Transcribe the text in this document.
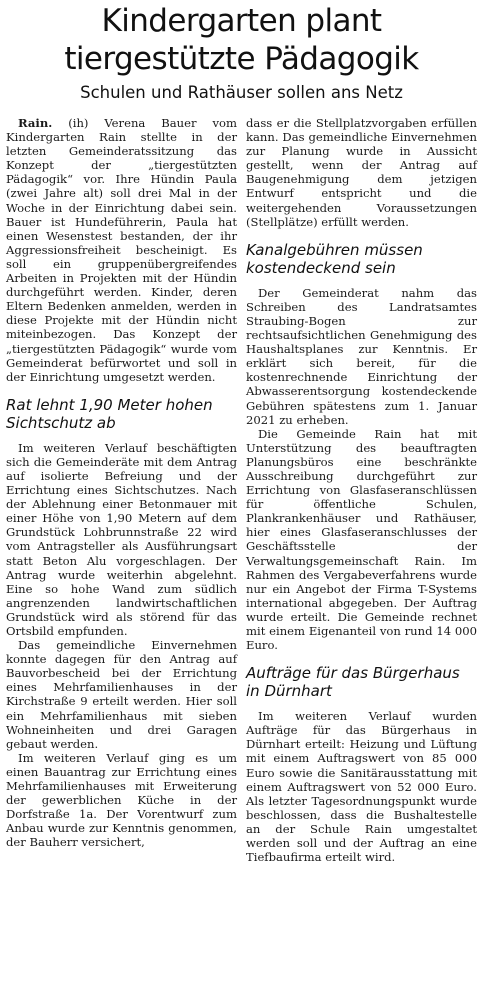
Kindergarten plant
tiergestützte Pädagogik
Schulen und Rathäuser sollen ans Netz

Rain. (ih) Verena Bauer vom Kindergarten Rain stellte in der letzten Gemeinderatssitzung das Konzept der „tiergestützten Pädagogik“ vor. Ihre Hündin Paula (zwei Jahre alt) soll drei Mal in der Woche in der Einrichtung dabei sein. Bauer ist Hundeführerin, Paula hat einen Wesenstest bestanden, der ihr Aggressionsfreiheit bescheinigt. Es soll ein gruppenübergreifendes Arbeiten in Projekten mit der Hündin durchgeführt werden. Kinder, deren Eltern Bedenken anmelden, werden in diese Projekte mit der Hündin nicht miteinbezogen. Das Konzept der „tiergestützten Pädagogik“ wurde vom Gemeinderat befürwortet und soll in der Einrichtung umgesetzt werden.

Rat lehnt 1,90 Meter hohen Sichtschutz ab

Im weiteren Verlauf beschäftigten sich die Gemeinderäte mit dem Antrag auf isolierte Befreiung und der Errichtung eines Sichtschutzes. Nach der Ablehnung einer Betonmauer mit einer Höhe von 1,90 Metern auf dem Grundstück Lohbrunnstraße 22 wird vom Antragsteller als Ausführungsart statt Beton Alu vorgeschlagen. Der Antrag wurde weiterhin abgelehnt. Eine so hohe Wand zum südlich angrenzenden landwirtschaftlichen Grundstück wird als störend für das Ortsbild empfunden.

Das gemeindliche Einvernehmen konnte dagegen für den Antrag auf Bauvorbescheid bei der Errichtung eines Mehrfamilienhauses in der Kirchstraße 9 erteilt werden. Hier soll ein Mehrfamilienhaus mit sieben Wohneinheiten und drei Garagen gebaut werden.

Im weiteren Verlauf ging es um einen Bauantrag zur Errichtung eines Mehrfamilienhauses mit Erweiterung der gewerblichen Küche in der Dorfstraße 1a. Der Vorentwurf zum Anbau wurde zur Kenntnis genommen, der Bauherr versichert,

dass er die Stellplatzvorgaben erfüllen kann. Das gemeindliche Einvernehmen zur Planung wurde in Aussicht gestellt, wenn der Antrag auf Baugenehmigung dem jetzigen Entwurf entspricht und die weitergehenden Voraussetzungen (Stellplätze) erfüllt werden.

Kanalgebühren müssen kostendeckend sein

Der Gemeinderat nahm das Schreiben des Landratsamtes Straubing-Bogen zur rechtsaufsichtlichen Genehmigung des Haushaltsplanes zur Kenntnis. Er erklärt sich bereit, für die kostenrechnende Einrichtung der Abwasserentsorgung kostendeckende Gebühren spätestens zum 1. Januar 2021 zu erheben.

Die Gemeinde Rain hat mit Unterstützung des beauftragten Planungsbüros eine beschränkte Ausschreibung durchgeführt zur Errichtung von Glasfaseranschlüssen für öffentliche Schulen, Plankrankenhäuser und Rathäuser, hier eines Glasfaseranschlusses der Geschäftsstelle der Verwaltungsgemeinschaft Rain. Im Rahmen des Vergabeverfahrens wurde nur ein Angebot der Firma T-Systems international abgegeben. Der Auftrag wurde erteilt. Die Gemeinde rechnet mit einem Eigenanteil von rund 14 000 Euro.

Aufträge für das Bürgerhaus in Dürnhart

Im weiteren Verlauf wurden Aufträge für das Bürgerhaus in Dürnhart erteilt: Heizung und Lüftung mit einem Auftragswert von 85 000 Euro sowie die Sanitärausstattung mit einem Auftragswert von 52 000 Euro. Als letzter Tagesordnungspunkt wurde beschlossen, dass die Bushaltestelle an der Schule Rain umgestaltet werden soll und der Auftrag an eine Tiefbaufirma erteilt wird.
